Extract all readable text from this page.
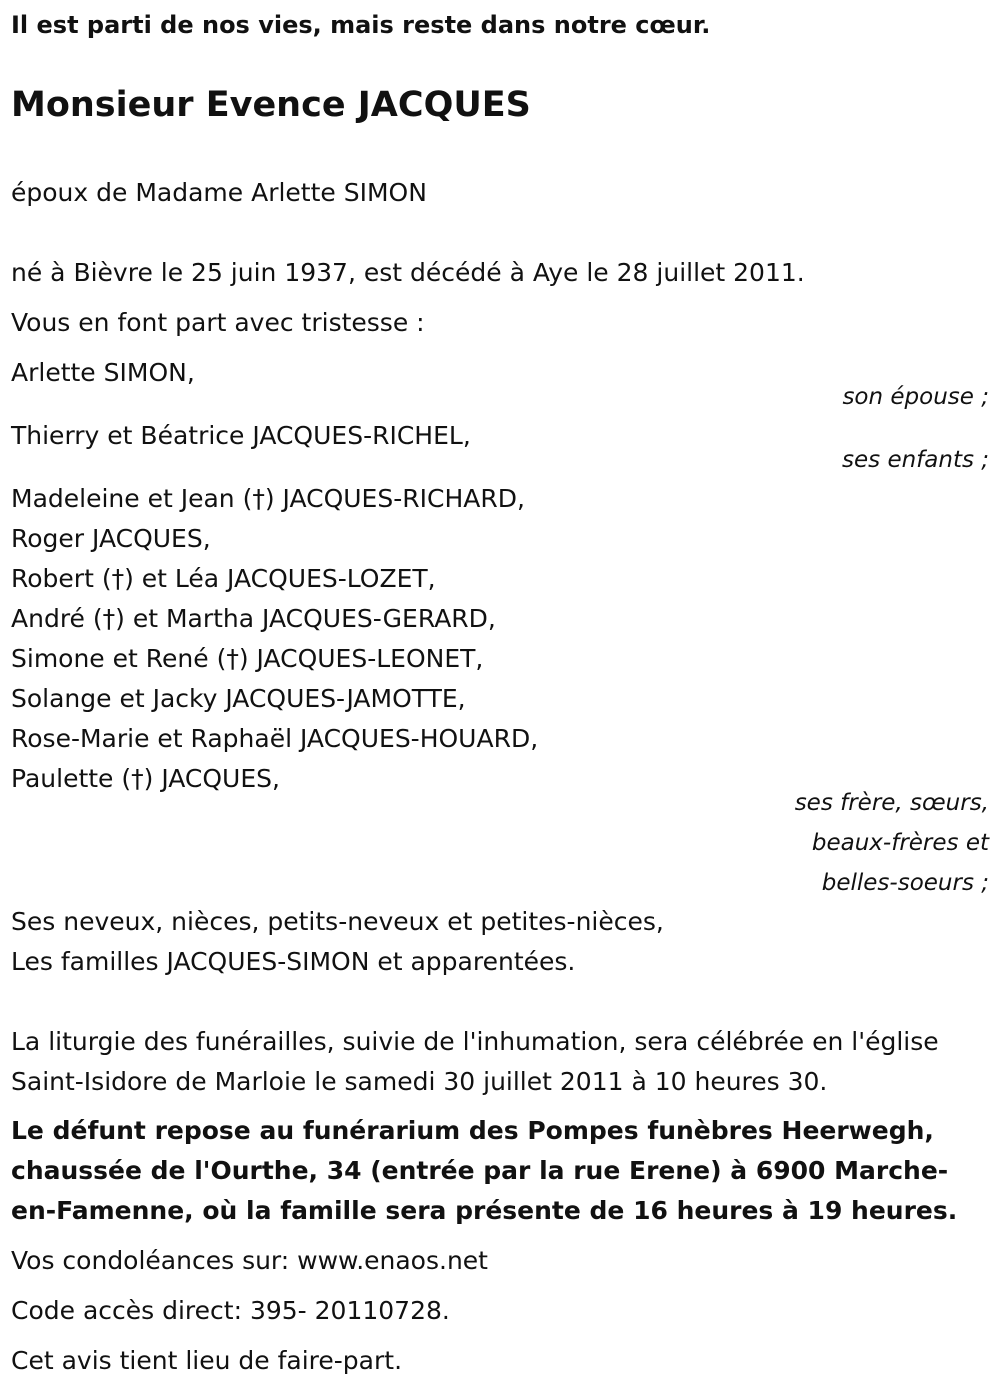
Il est parti de nos vies, mais reste dans notre cœur.
Monsieur Evence JACQUES
époux de Madame Arlette SIMON
né à Bièvre le 25 juin 1937, est décédé à Aye le 28 juillet 2011.
Vous en font part avec tristesse :
Arlette SIMON,
son épouse ;
Thierry et Béatrice JACQUES-RICHEL,
ses enfants ;
Madeleine et Jean (†) JACQUES-RICHARD,
Roger JACQUES,
Robert (†) et Léa JACQUES-LOZET,
André (†) et Martha JACQUES-GERARD,
Simone et René (†) JACQUES-LEONET,
Solange et Jacky JACQUES-JAMOTTE,
Rose-Marie et Raphaël JACQUES-HOUARD,
Paulette (†) JACQUES,
ses frère, sœurs,
beaux-frères et
belles-soeurs ;
Ses neveux, nièces, petits-neveux et petites-nièces,
Les familles JACQUES-SIMON et apparentées.
La liturgie des funérailles, suivie de l'inhumation, sera célébrée en l'église
Saint-Isidore de Marloie le samedi 30 juillet 2011 à 10 heures 30.
Le défunt repose au funérarium des Pompes funèbres Heerwegh,
chaussée de l'Ourthe, 34 (entrée par la rue Erene) à 6900 Marche-
en-Famenne, où la famille sera présente de 16 heures à 19 heures.
Vos condoléances sur: www.enaos.net
Code accès direct: 395- 20110728.
Cet avis tient lieu de faire-part.
